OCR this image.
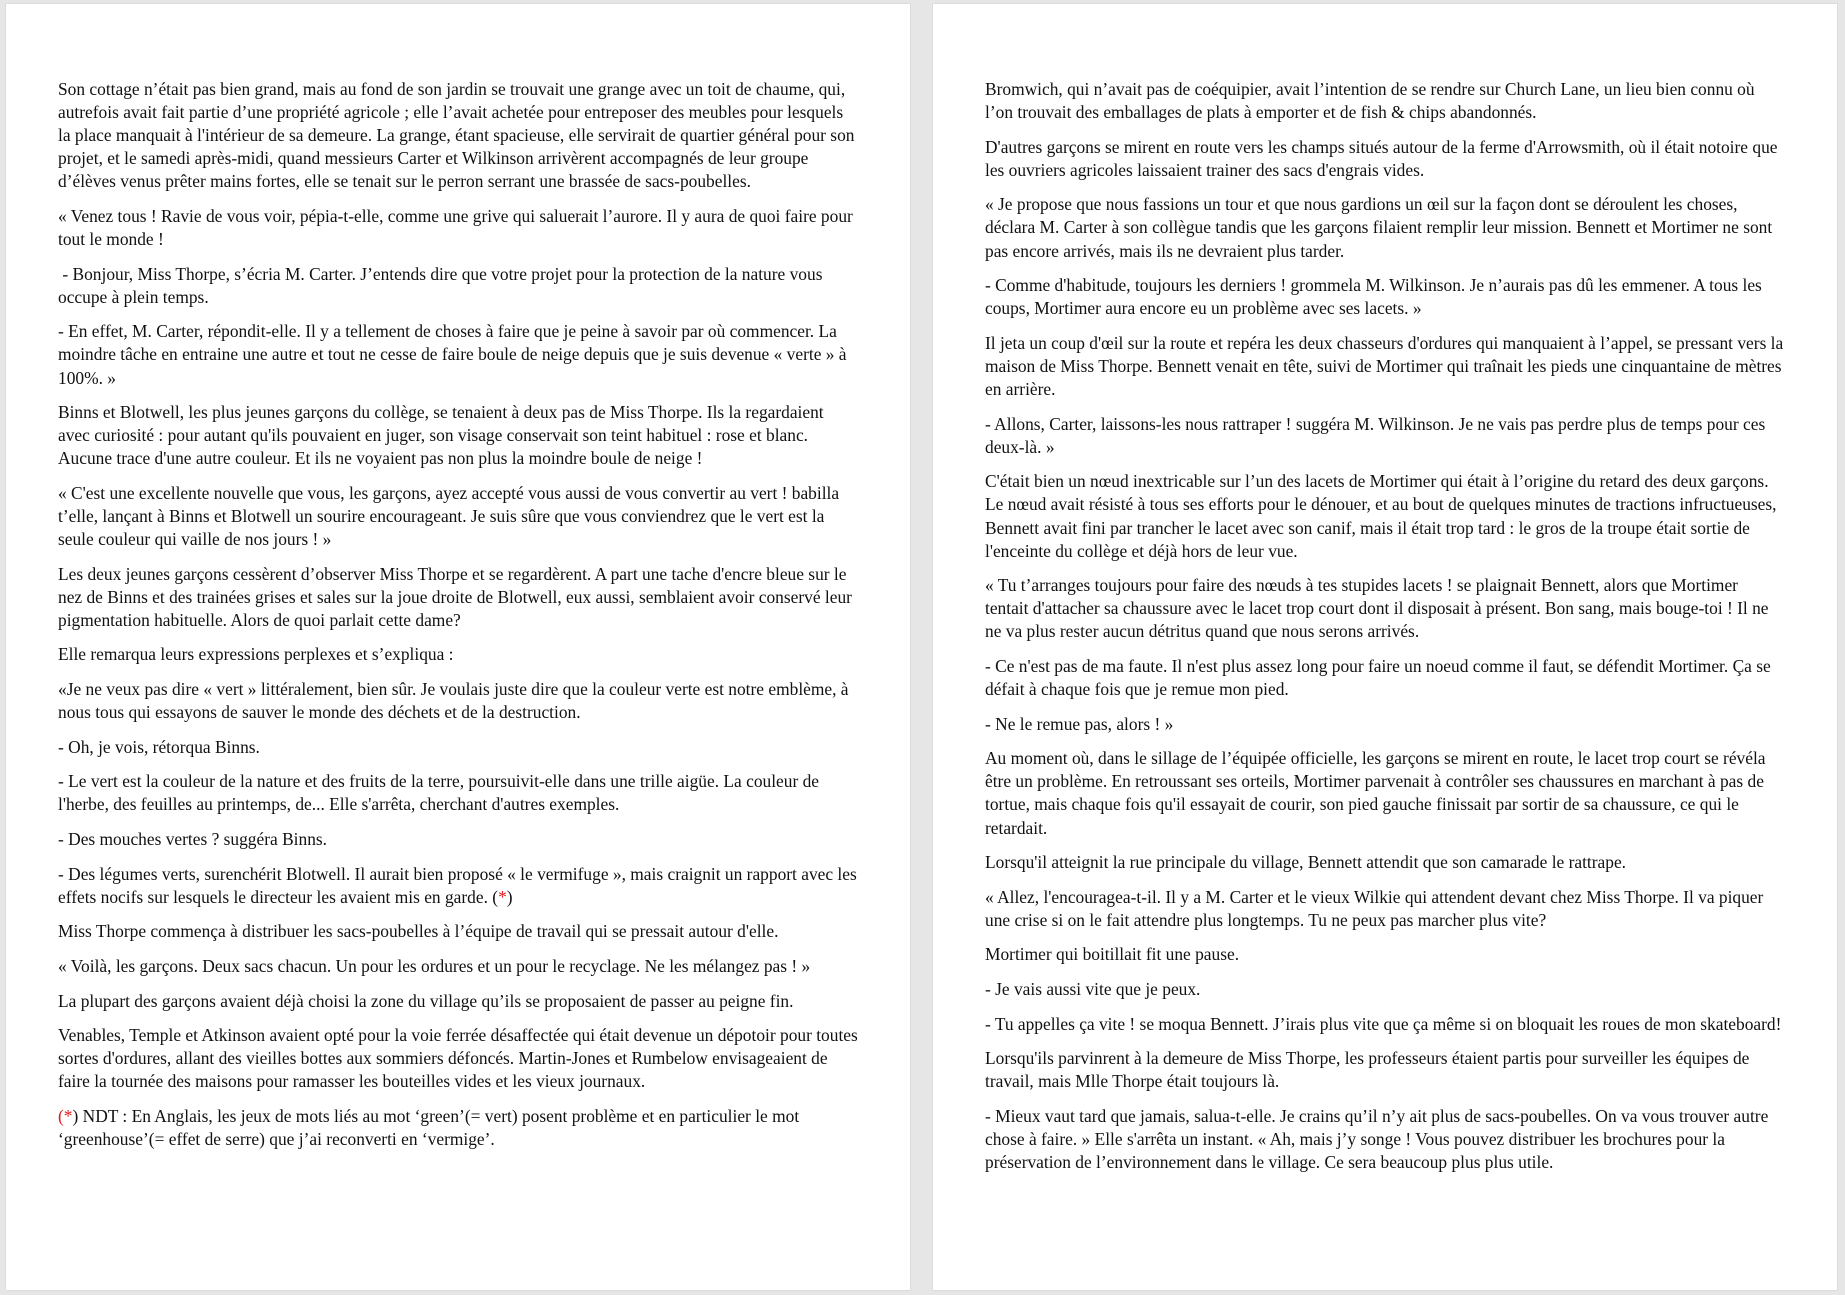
Son cottage n’était pas bien grand, mais au fond de son jardin se trouvait une grange avec un toit de chaume, qui, autrefois avait fait partie d’une propriété agricole ; elle l’avait achetée pour entreposer des meubles pour lesquels la place manquait à l'intérieur de sa demeure. La grange, étant spacieuse, elle servirait de quartier général pour son projet, et le samedi après-midi, quand messieurs Carter et Wilkinson arrivèrent accompagnés de leur groupe d’élèves venus prêter mains fortes, elle se tenait sur le perron serrant une brassée de sacs-poubelles.

« Venez tous ! Ravie de vous voir, pépia-t-elle, comme une grive qui saluerait l’aurore. Il y aura de quoi faire pour tout le monde !

- Bonjour, Miss Thorpe, s’écria M. Carter. J’entends dire que votre projet pour la protection de la nature vous occupe à plein temps.

- En effet, M. Carter, répondit-elle. Il y a tellement de choses à faire que je peine à savoir par où commencer. La moindre tâche en entraine une autre et tout ne cesse de faire boule de neige depuis que je suis devenue « verte » à 100%. »

Binns et Blotwell, les plus jeunes garçons du collège, se tenaient à deux pas de Miss Thorpe. Ils la regardaient avec curiosité : pour autant qu'ils pouvaient en juger, son visage conservait son teint habituel : rose et blanc. Aucune trace d'une autre couleur. Et ils ne voyaient pas non plus la moindre boule de neige !

« C'est une excellente nouvelle que vous, les garçons, ayez accepté vous aussi de vous convertir au vert ! babilla t’elle, lançant à Binns et Blotwell un sourire encourageant. Je suis sûre que vous conviendrez que le vert est la seule couleur qui vaille de nos jours ! »

Les deux jeunes garçons cessèrent d’observer Miss Thorpe et se regardèrent. A part une tache d'encre bleue sur le nez de Binns et des trainées grises et sales sur la joue droite de Blotwell, eux aussi, semblaient avoir conservé leur pigmentation habituelle. Alors de quoi parlait cette dame?

Elle remarqua leurs expressions perplexes et s’expliqua :

«Je ne veux pas dire « vert » littéralement, bien sûr. Je voulais juste dire que la couleur verte est notre emblème, à nous tous qui essayons de sauver le monde des déchets et de la destruction.

- Oh, je vois, rétorqua Binns.

- Le vert est la couleur de la nature et des fruits de la terre, poursuivit-elle dans une trille aigüe. La couleur de l'herbe, des feuilles au printemps, de... Elle s'arrêta, cherchant d'autres exemples.

- Des mouches vertes ? suggéra Binns.

- Des légumes verts, surenchérit Blotwell. Il aurait bien proposé « le vermifuge », mais craignit un rapport avec les effets nocifs sur lesquels le directeur les avaient mis en garde. (*)

Miss Thorpe commença à distribuer les sacs-poubelles à l’équipe de travail qui se pressait autour d'elle.

« Voilà, les garçons. Deux sacs chacun. Un pour les ordures et un pour le recyclage. Ne les mélangez pas ! »

La plupart des garçons avaient déjà choisi la zone du village qu’ils se proposaient de passer au peigne fin.

Venables, Temple et Atkinson avaient opté pour la voie ferrée désaffectée qui était devenue un dépotoir pour toutes sortes d'ordures, allant des vieilles bottes aux sommiers défoncés. Martin-Jones et Rumbelow envisageaient de faire la tournée des maisons pour ramasser les bouteilles vides et les vieux journaux.

(*) NDT : En Anglais, les jeux de mots liés au mot ‘green’(= vert) posent problème et en particulier le mot ‘greenhouse’(= effet de serre) que j’ai reconverti en ‘vermige’.

Bromwich, qui n’avait pas de coéquipier, avait l’intention de se rendre sur Church Lane, un lieu bien connu où l’on trouvait des emballages de plats à emporter et de fish & chips abandonnés.

D'autres garçons se mirent en route vers les champs situés autour de la ferme d'Arrowsmith, où il était notoire que les ouvriers agricoles laissaient trainer des sacs d'engrais vides.

« Je propose que nous fassions un tour et que nous gardions un œil sur la façon dont se déroulent les choses, déclara M. Carter à son collègue tandis que les garçons filaient remplir leur mission. Bennett et Mortimer ne sont pas encore arrivés, mais ils ne devraient plus tarder.

- Comme d'habitude, toujours les derniers ! grommela M. Wilkinson. Je n’aurais pas dû les emmener. A tous les coups, Mortimer aura encore eu un problème avec ses lacets. »

Il jeta un coup d'œil sur la route et repéra les deux chasseurs d'ordures qui manquaient à l’appel, se pressant vers la maison de Miss Thorpe. Bennett venait en tête, suivi de Mortimer qui traînait les pieds une cinquantaine de mètres en arrière.

- Allons, Carter, laissons-les nous rattraper ! suggéra M. Wilkinson. Je ne vais pas perdre plus de temps pour ces deux-là. »

C'était bien un nœud inextricable sur l’un des lacets de Mortimer qui était à l’origine du retard des deux garçons. Le nœud avait résisté à tous ses efforts pour le dénouer, et au bout de quelques minutes de tractions infructueuses, Bennett avait fini par trancher le lacet avec son canif, mais il était trop tard : le gros de la troupe était sortie de l'enceinte du collège et déjà hors de leur vue.

« Tu t’arranges toujours pour faire des nœuds à tes stupides lacets ! se plaignait Bennett, alors que Mortimer tentait d'attacher sa chaussure avec le lacet trop court dont il disposait à présent. Bon sang, mais bouge-toi ! Il ne ne va plus rester aucun détritus quand que nous serons arrivés.

- Ce n'est pas de ma faute. Il n'est plus assez long pour faire un noeud comme il faut, se défendit Mortimer. Ça se défait à chaque fois que je remue mon pied.

- Ne le remue pas, alors ! »

Au moment où, dans le sillage de l’équipée officielle, les garçons se mirent en route, le lacet trop court se révéla être un problème. En retroussant ses orteils, Mortimer parvenait à contrôler ses chaussures en marchant à pas de tortue, mais chaque fois qu'il essayait de courir, son pied gauche finissait par sortir de sa chaussure, ce qui le retardait.

Lorsqu'il atteignit la rue principale du village, Bennett attendit que son camarade le rattrape.

« Allez, l'encouragea-t-il. Il y a M. Carter et le vieux Wilkie qui attendent devant chez Miss Thorpe. Il va piquer une crise si on le fait attendre plus longtemps. Tu ne peux pas marcher plus vite?

Mortimer qui boitillait fit une pause.

- Je vais aussi vite que je peux.

- Tu appelles ça vite ! se moqua Bennett. J’irais plus vite que ça même si on bloquait les roues de mon skateboard!

Lorsqu'ils parvinrent à la demeure de Miss Thorpe, les professeurs étaient partis pour surveiller les équipes de travail, mais Mlle Thorpe était toujours là.

- Mieux vaut tard que jamais, salua-t-elle. Je crains qu’il n’y ait plus de sacs-poubelles. On va vous trouver autre chose à faire. » Elle s'arrêta un instant. « Ah, mais j’y songe ! Vous pouvez distribuer les brochures pour la préservation de l’environnement dans le village. Ce sera beaucoup plus plus utile.
